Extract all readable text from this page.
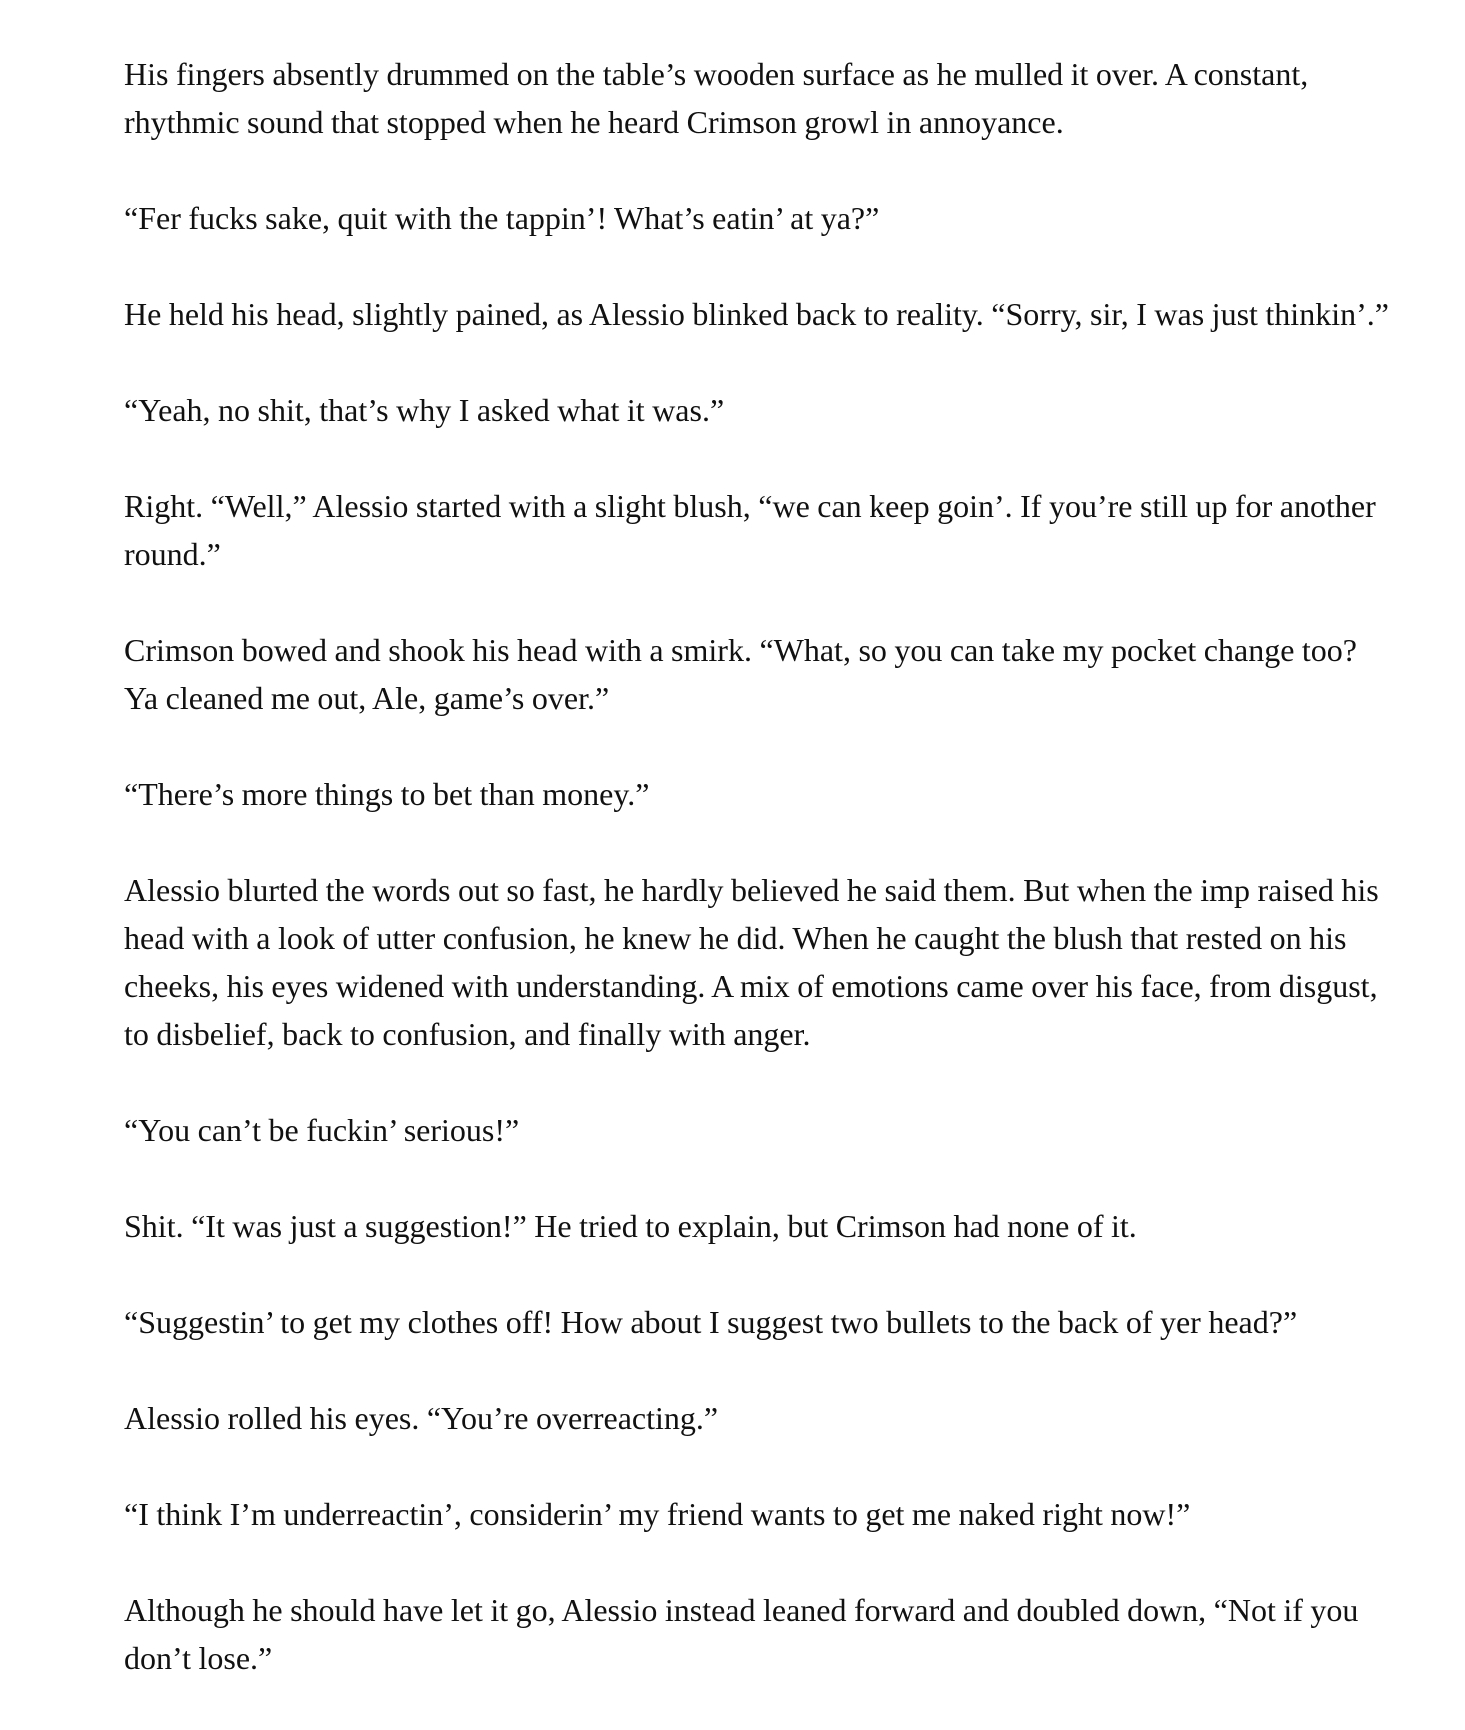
His fingers absently drummed on the table’s wooden surface as he mulled it over. A constant, rhythmic sound that stopped when he heard Crimson growl in annoyance.

“Fer fucks sake, quit with the tappin’! What’s eatin’ at ya?”

He held his head, slightly pained, as Alessio blinked back to reality. “Sorry, sir, I was just thinkin’.”

“Yeah, no shit, that’s why I asked what it was.”

Right. “Well,” Alessio started with a slight blush, “we can keep goin’. If you’re still up for another round.”

Crimson bowed and shook his head with a smirk. “What, so you can take my pocket change too? Ya cleaned me out, Ale, game’s over.”

“There’s more things to bet than money.”

Alessio blurted the words out so fast, he hardly believed he said them. But when the imp raised his head with a look of utter confusion, he knew he did. When he caught the blush that rested on his cheeks, his eyes widened with understanding. A mix of emotions came over his face, from disgust, to disbelief, back to confusion, and finally with anger.

“You can’t be fuckin’ serious!”

Shit. “It was just a suggestion!” He tried to explain, but Crimson had none of it.

“Suggestin’ to get my clothes off! How about I suggest two bullets to the back of yer head?”

Alessio rolled his eyes. “You’re overreacting.”

“I think I’m underreactin’, considerin’ my friend wants to get me naked right now!”

Although he should have let it go, Alessio instead leaned forward and doubled down, “Not if you don’t lose.”
